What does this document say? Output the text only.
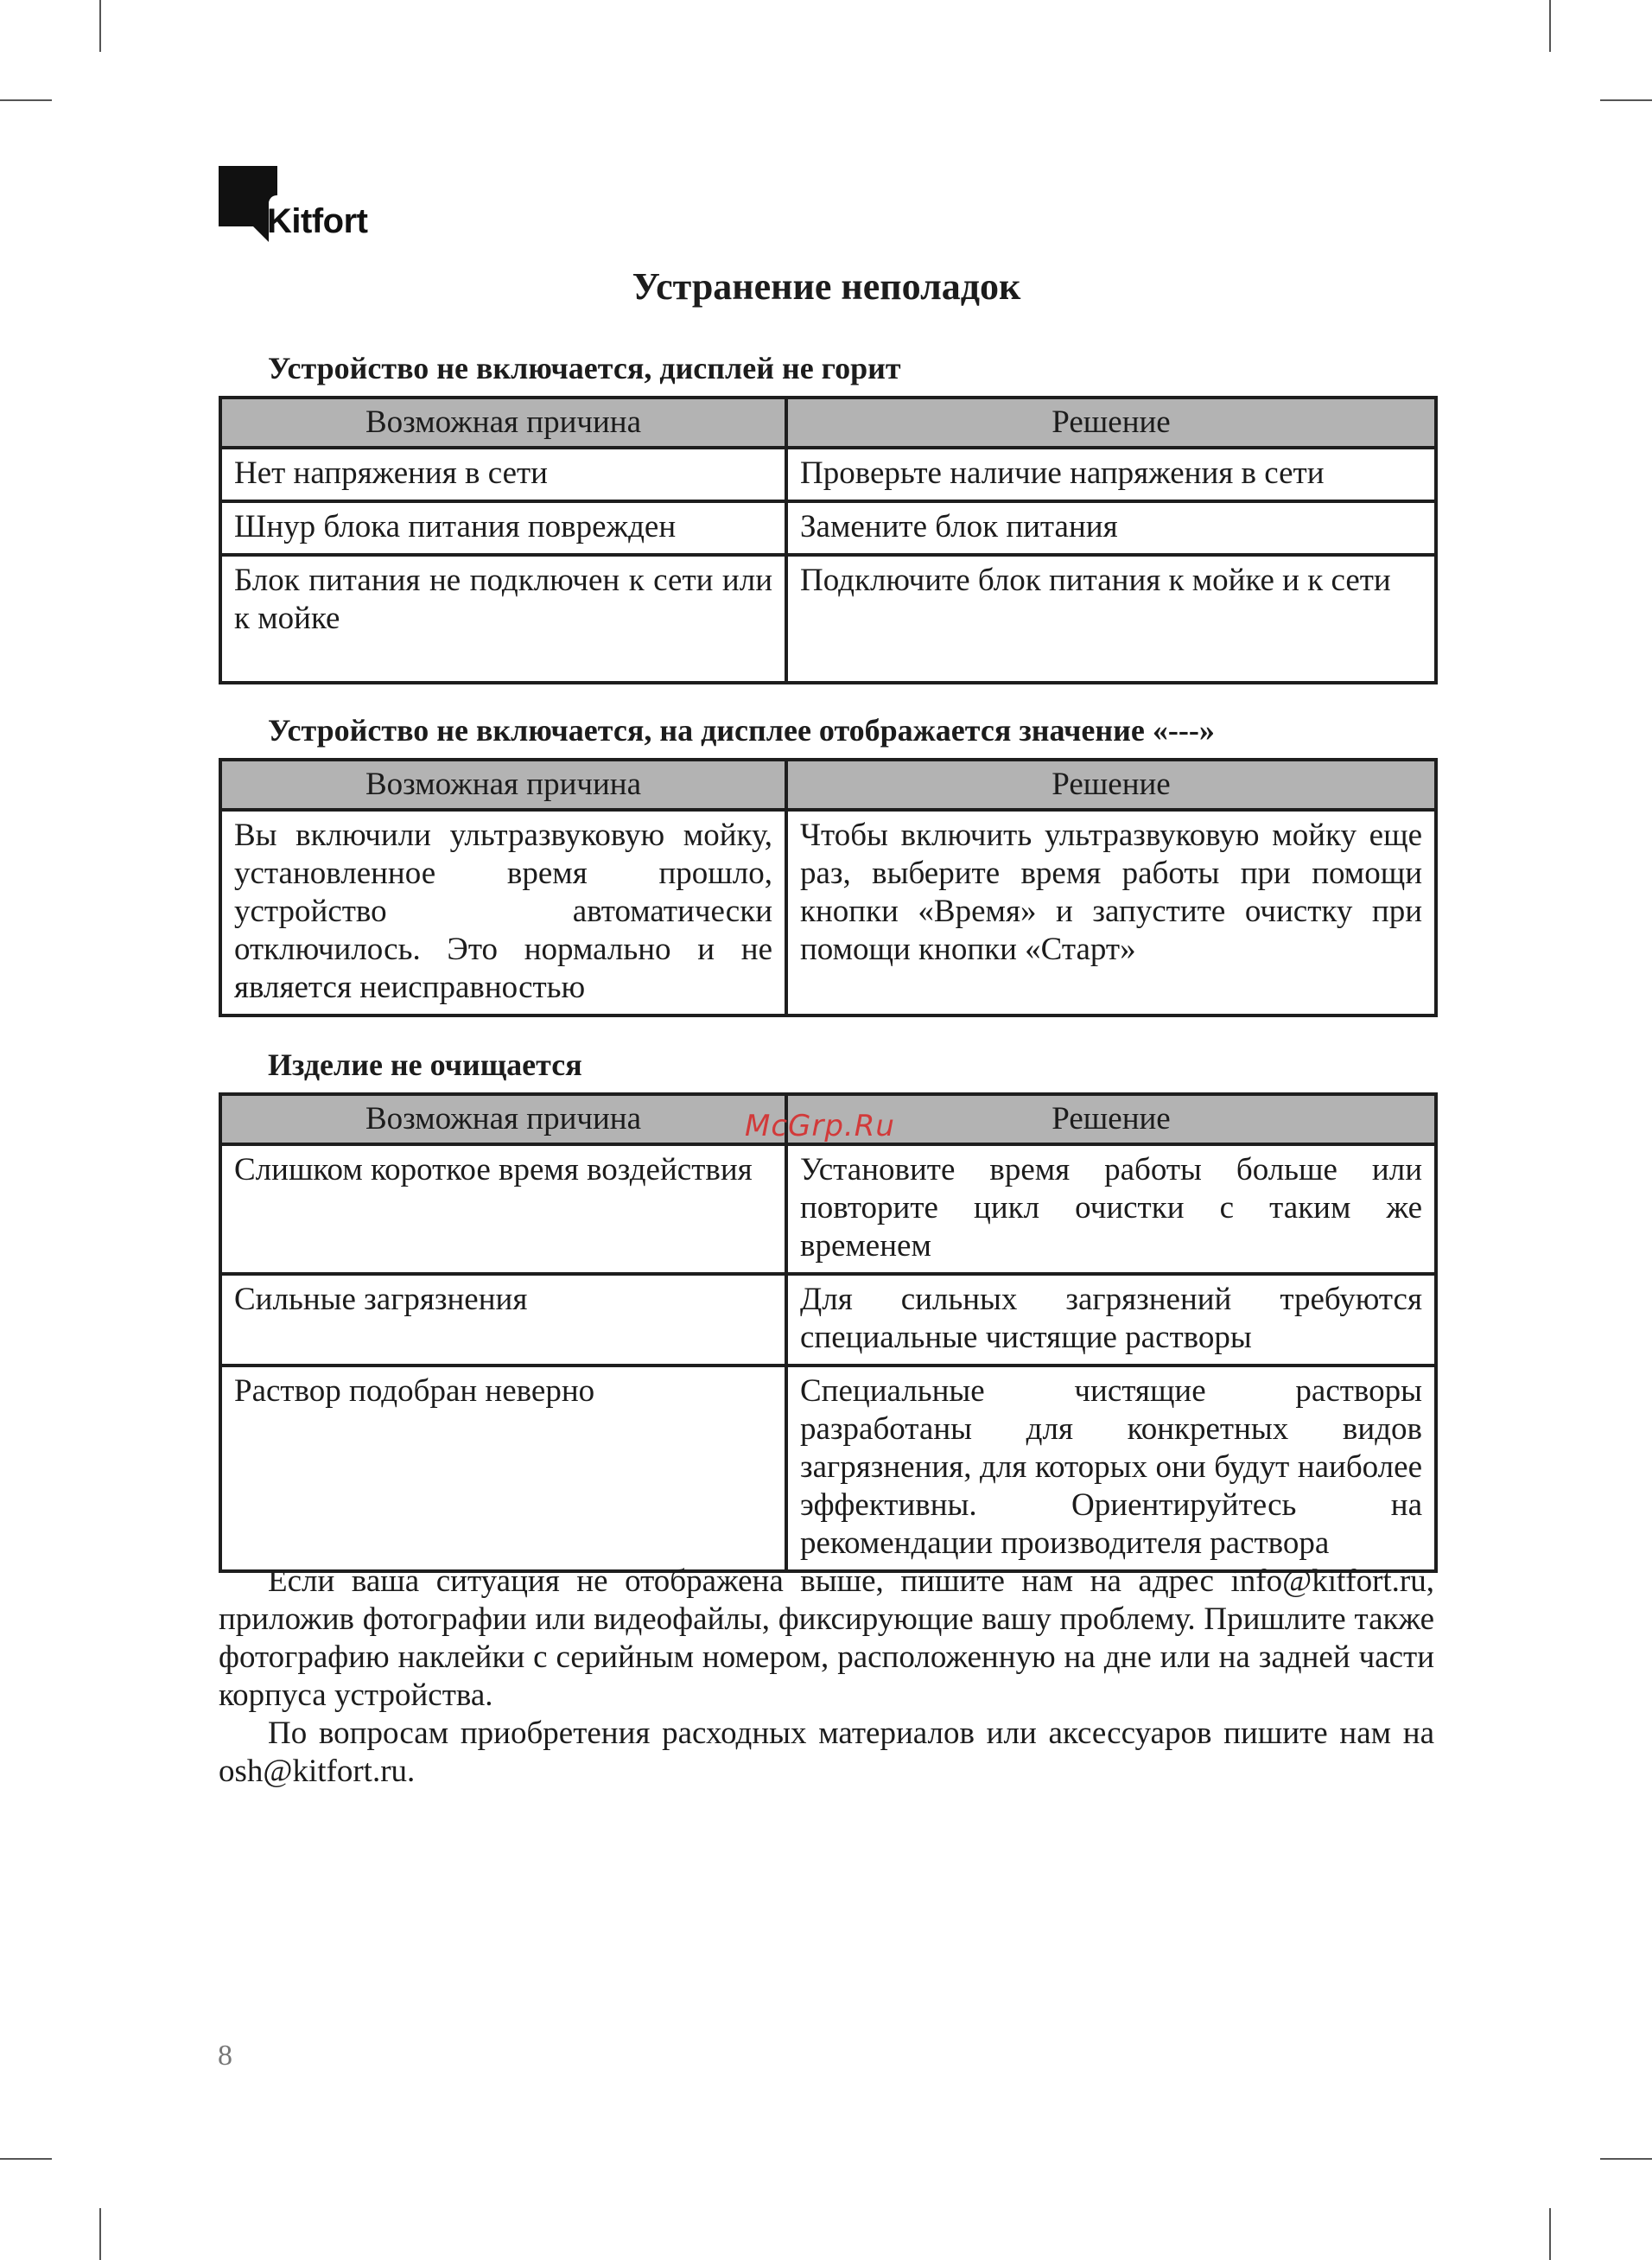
Kitfort
Устранение неполадок
Устройство не включается, дисплей не горит
Возможная причина	Решение
Нет напряжения в сети	Проверьте наличие напряжения в сети
Шнур блока питания поврежден	Замените блок питания
Блок питания не подключен к сети или к мойке	Подключите блок питания к мойке и к сети
Устройство не включается, на дисплее отображается значение «---»
Возможная причина	Решение
Вы включили ультразвуковую мойку, установленное время прошло, устройство автоматически отключилось. Это нормально и не является неисправностью	Чтобы включить ультразвуковую мойку еще раз, выберите время работы при помощи кнопки «Время» и запустите очистку при помощи кнопки «Старт»
Изделие не очищается
Возможная причина	Решение
Слишком короткое время воздействия	Установите время работы больше или повторите цикл очистки с таким же временем
Сильные загрязнения	Для сильных загрязнений требуются специальные чистящие растворы
Раствор подобран неверно	Специальные чистящие растворы разработаны для конкретных видов загрязнения, для которых они будут наиболее эффективны. Ориентируйтесь на рекомендации производителя раствора
McGrp.Ru

Если ваша ситуация не отображена выше, пишите нам на адрес info@kitfort.ru, приложив фотографии или видеофайлы, фиксирующие вашу проблему. Пришлите также фотографию наклейки с серийным номером, расположенную на дне или на задней части корпуса устройства.

По вопросам приобретения расходных материалов или аксессуаров пишите нам на osh@kitfort.ru.

8
